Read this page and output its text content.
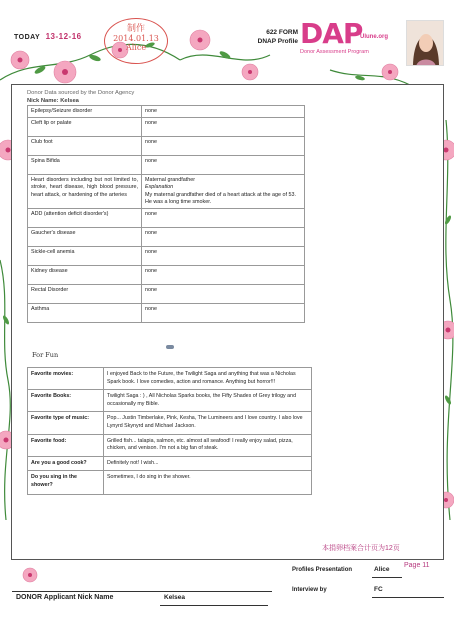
TODAY 13-12-16
制作
2014.01.13
Alice
622 FORM
DNAP Profile DAP
Ulune.org
Donor Assessment Program
Donor Data sourced by the Donor Agency
Nick Name: Kelsea
Epilepsy/Seizure disorder	none
Cleft lip or palate	none
Club foot	none
Spina Bifida	none
Heart disorders including but not limited to, stroke, heart disease, high blood pressure, heart attack, or hardening of the arteries	Maternal grandfather
Explanation
My maternal grandfather died of a heart attack at the age of 53. He was a long time smoker.

ADD (attention deficit disorder's)	none
Gaucher's disease	none
Sickle-cell anemia	none
Kidney disease	none
Rectal Disorder	none
Asthma	none
For Fun
Favorite movies:	I enjoyed Back to the Future, the Twilight Saga and anything that was a Nicholas Spark book. I love comedies, action and romance. Anything but horror!!!
Favorite Books:	Twilight Saga : ) , All Nicholas Sparks books, the Fifty Shades of Grey trilogy and occasionally my Bible.
Favorite type of music:	Pop... Justin Timberlake, Pink, Kesha, The Lumineers and I love country. I also love Lynyrd Skynyrd and Michael Jackson.
Favorite food:	Grilled fish... talapia, salmon, etc. almost all seafood! I really enjoy salad, pizza, chicken, and venison. I'm not a big fan of steak.
Are you a good cook?	Definitely not! I wish...
Do you sing in the shower?	Sometimes, I do sing in the shower.
本捐卵档案合计页为12页
Profiles Presentation	Alice
Page 11
Interview by	FC
DONOR Applicant Nick Name	Kelsea
